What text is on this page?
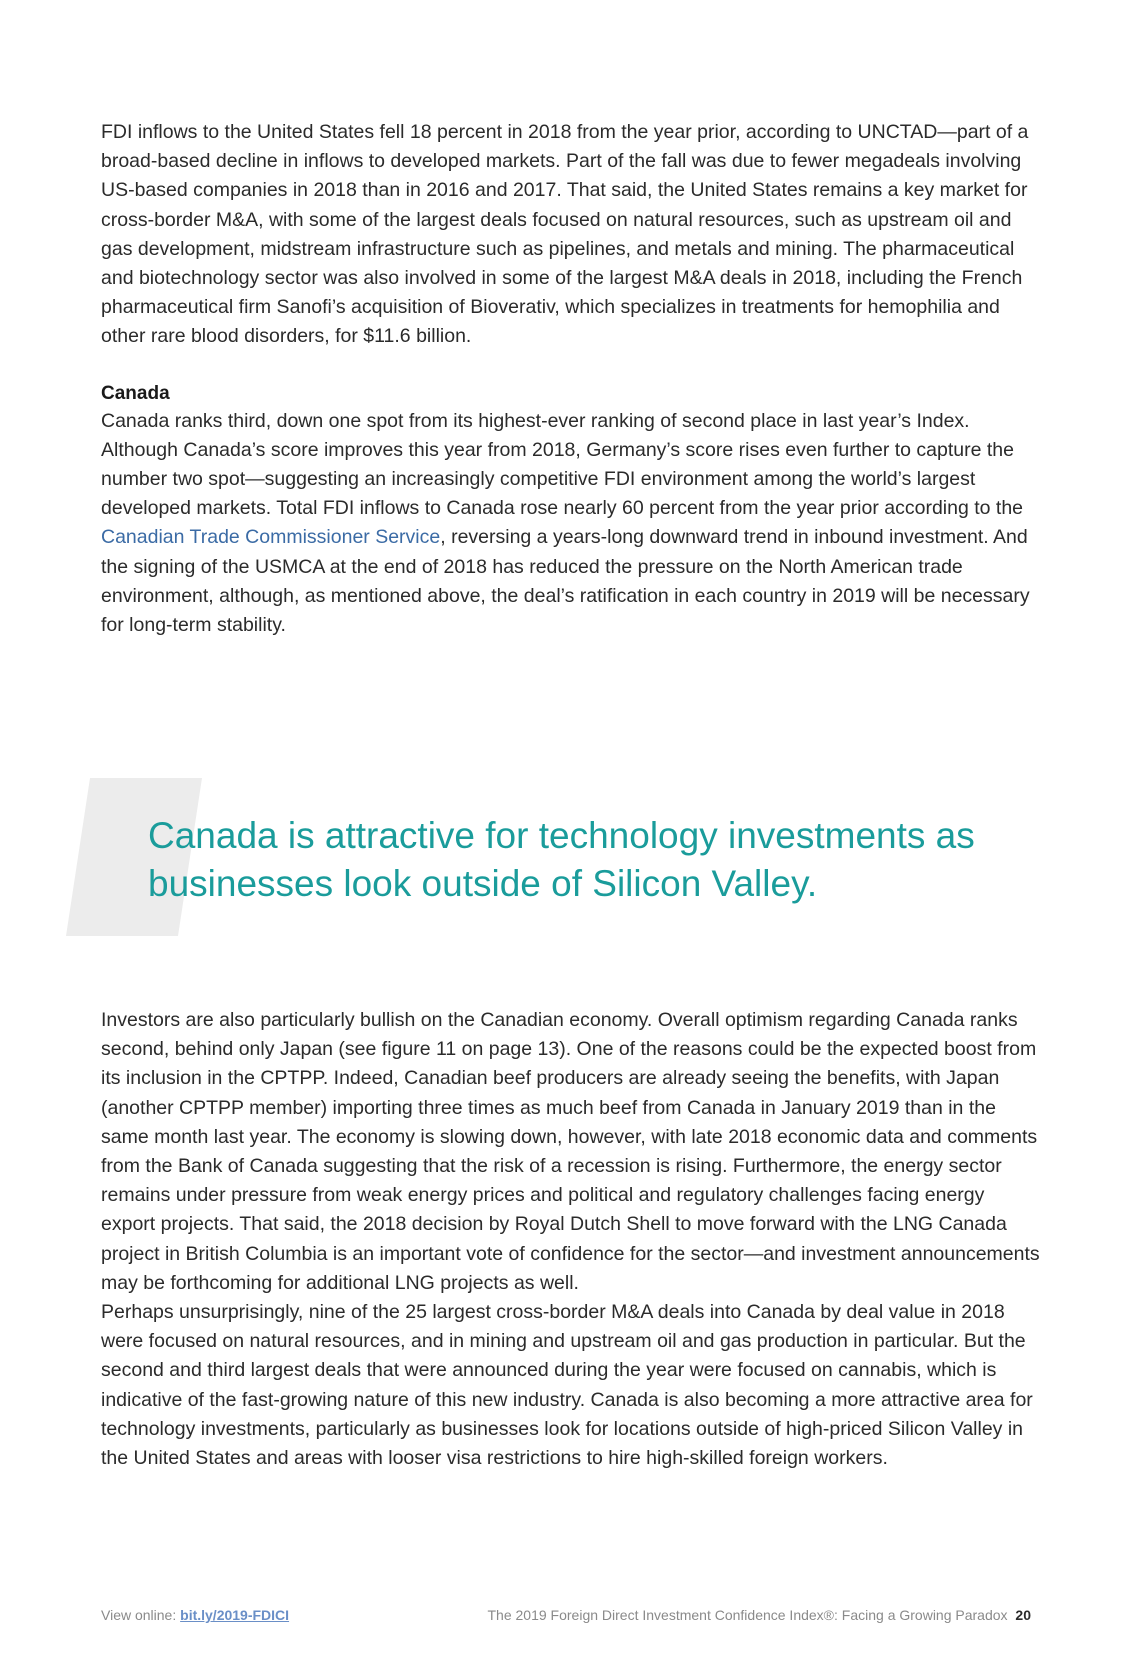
FDI inflows to the United States fell 18 percent in 2018 from the year prior, according to UNCTAD—part of a broad-based decline in inflows to developed markets. Part of the fall was due to fewer megadeals involving US-based companies in 2018 than in 2016 and 2017. That said, the United States remains a key market for cross-border M&A, with some of the largest deals focused on natural resources, such as upstream oil and gas development, midstream infrastructure such as pipelines, and metals and mining. The pharmaceutical and biotechnology sector was also involved in some of the largest M&A deals in 2018, including the French pharmaceutical firm Sanofi’s acquisition of Bioverativ, which specializes in treatments for hemophilia and other rare blood disorders, for $11.6 billion.

Canada

Canada ranks third, down one spot from its highest-ever ranking of second place in last year’s Index. Although Canada’s score improves this year from 2018, Germany’s score rises even further to capture the number two spot—suggesting an increasingly competitive FDI environment among the world’s largest developed markets. Total FDI inflows to Canada rose nearly 60 percent from the year prior according to the Canadian Trade Commissioner Service, reversing a years-long downward trend in inbound investment. And the signing of the USMCA at the end of 2018 has reduced the pressure on the North American trade environment, although, as mentioned above, the deal’s ratification in each country in 2019 will be necessary for long-term stability.

Canada is attractive for technology investments as businesses look outside of Silicon Valley.

Investors are also particularly bullish on the Canadian economy. Overall optimism regarding Canada ranks second, behind only Japan (see figure 11 on page 13). One of the reasons could be the expected boost from its inclusion in the CPTPP. Indeed, Canadian beef producers are already seeing the benefits, with Japan (another CPTPP member) importing three times as much beef from Canada in January 2019 than in the same month last year. The economy is slowing down, however, with late 2018 economic data and comments from the Bank of Canada suggesting that the risk of a recession is rising. Furthermore, the energy sector remains under pressure from weak energy prices and political and regulatory challenges facing energy export projects. That said, the 2018 decision by Royal Dutch Shell to move forward with the LNG Canada project in British Columbia is an important vote of confidence for the sector—and investment announcements may be forthcoming for additional LNG projects as well.

Perhaps unsurprisingly, nine of the 25 largest cross-border M&A deals into Canada by deal value in 2018 were focused on natural resources, and in mining and upstream oil and gas production in particular. But the second and third largest deals that were announced during the year were focused on cannabis, which is indicative of the fast-growing nature of this new industry. Canada is also becoming a more attractive area for technology investments, particularly as businesses look for locations outside of high-priced Silicon Valley in the United States and areas with looser visa restrictions to hire high-skilled foreign workers.

View online: bit.ly/2019-FDICI	The 2019 Foreign Direct Investment Confidence Index®: Facing a Growing Paradox 20
